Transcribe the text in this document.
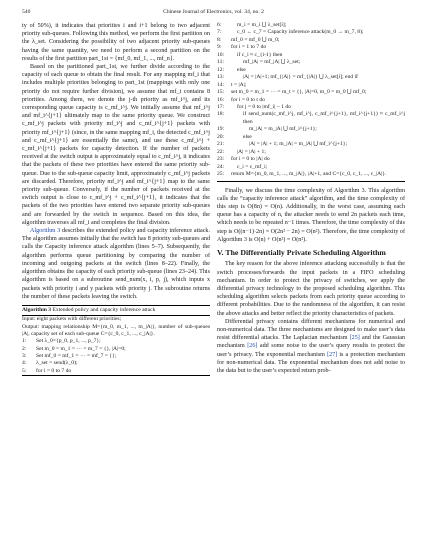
540	Chinese Journal of Electronics, vol. 34, no. 2

ty of 50%), it indicates that priorities i and i+1 belong to two adjacent priority sub-queues. Following this method, we perform the first partition on the λ_set. Considering the possibility of two adjacent priority sub-queues having the same quantity, we need to perform a second partition on the results of the first partition part_1st = {mf_0, mf_1, ..., mf_n}.

Based on the partitioned part_1st, we further divide according to the capacity of each queue to obtain the final result. For any mapping mf_i that includes multiple priorities belonging to part_1st (mappings with only one priority do not require further division), we assume that mf_i contains 8 priorities. Among them, we denote the j-th priority as mf_i^j, and its corresponding queue capacity is c_mf_i^j. We initially assume that mf_i^j and mf_i^{j+1} ultimately map to the same priority queue. We construct c_mf_i^j packets with priority mf_i^j and c_mf_i^{j+1} packets with priority mf_i^{j+1} (since, in the same mapping mf_i, the detected c_mf_i^j and c_mf_i^{j+1} are essentially the same), and use these c_mf_i^j + c_mf_i^{j+1} packets for capacity detection. If the number of packets received at the switch output is approximately equal to c_mf_i^j, it indicates that the packets of these two priorities have entered the same priority sub-queue. Due to the sub-queue capacity limit, approximately c_mf_i^j packets are discarded. Therefore, priority mf_i^j and mf_i^{j+1} map to the same priority sub-queue. Conversely, if the number of packets received at the switch output is close to c_mf_i^j + c_mf_i^{j+1}, it indicates that the packets of the two priorities have entered two separate priority sub-queues and are forwarded by the switch in sequence. Based on this idea, the algorithm traverses all mf_i and completes the final division.

Algorithm 3 describes the extended policy and capacity inference attack. The algorithm assumes initially that the switch has 8 priority sub-queues and calls the Capacity inference attack algorithm (lines 5–7). Subsequently, the algorithm performs queue partitioning by comparing the number of incoming and outgoing packets at the switch (lines 8–22). Finally, the algorithm obtains the capacity of each priority sub-queue (lines 23–24). This algorithm is based on a subroutine send_num(x, i, p, j), which inputs x packets with priority i and y packets with priority j. The subroutine returns the number of these packets leaving the switch.

Algorithm 3 Extended policy and capacity inference attack
Input: eight packets with different priorities;
Output: mapping relationship M={m_0, m_1, ..., m_|A|}, number of sub-queues |A|, capacity set of each sub-queue C={c_0, c_1, ..., c_|A|}.
1:	Set λ_0={p_0, p_1, ..., p_7};
2:	Set m_0 = m_1 = ··· = m_7 = {}, |A|=0;
3:	Set mf_0 = mf_1 = ··· = mf_7 = {};
4:	λ_set = send(λ_0);
5:	for i = 0 to 7 do
6:	m_i = m_i ⋃ λ_set[i];
7:	c_0 ← c_7 = Capacity inference attack(m_0 → m_7, 8);
8:	mf_0 = mf_0 ⋃ m_0;
9:	for i = 1 to 7 do
10:	if c_i ≈ c_{i-1} then
11:	mf_|A| = mf_|A| ⋃ λ_set;
12:	else
13:	|A| = |A|+1; mf_{|A|} = mf_{|A|} ⋃ λ_set[i]; end if
14:	t = |A|;
15:	set m_0 = m_1 = ··· = m_t = {}, |A|=0, m_0 = m_0 ⋃ mf_0;
16:	for i = 0 to t do
17:	for j = 0 to |mf_i| − 1 do
18:	if send_num(c_mf_i^j, mf_i^j, c_mf_i^{j+1}, mf_i^{j+1}) ≈ c_mf_i^j then
19:	m_|A| = m_|A| ⋃ mf_i^{j+1};
20:	else
21:	|A| = |A| + 1; m_|A| = m_|A| ⋃ mf_i^{j+1};
22:	|A| = |A| + 1;
23:	for i = 0 to |A| do
24:	c_i = c_mf_i;
25:	return M={m_0, m_1, ..., m_|A|}, |A|+1, and C={c_0, c_1, ..., c_|A|}.

Finally, we discuss the time complexity of Algorithm 3. This algorithm calls the “capacity inference attack” algorithm, and the time complexity of this step is O(8n) = O(n). Additionally, in the worst case, assuming each queue has a capacity of n, the attacker needs to send 2n packets each time, which needs to be repeated n−1 times. Therefore, the time complexity of this step is O((n−1)·2n) = O(2n² − 2n) = O(n²). Therefore, the time complexity of Algorithm 3 is O(n) + O(n²) = O(n²).

V. The Differentially Private Scheduling Algorithm

The key reason for the above inference attacking successfully is that the switch processes/forwards the input packets in a FIFO scheduling mechanism. In order to protect the privacy of switches, we apply the differential privacy technology to the proposed scheduling algorithm. This scheduling algorithm selects packets from each priority queue according to different probabilities. Due to the randomness of the algorithm, it can resist the above attacks and better reflect the priority characteristics of packets.

Differential privacy contains different mechanisms for numerical and non-numerical data. The three mechanisms are designed to make user’s data resist differential attacks. The Laplacian mechanism [25] and the Gaussian mechanism [26] add some noise to the user’s query results to protect the user’s privacy. The exponential mechanism [27] is a protection mechanism for non-numerical data. The exponential mechanism does not add noise to the data but to the user’s expected return prob-
